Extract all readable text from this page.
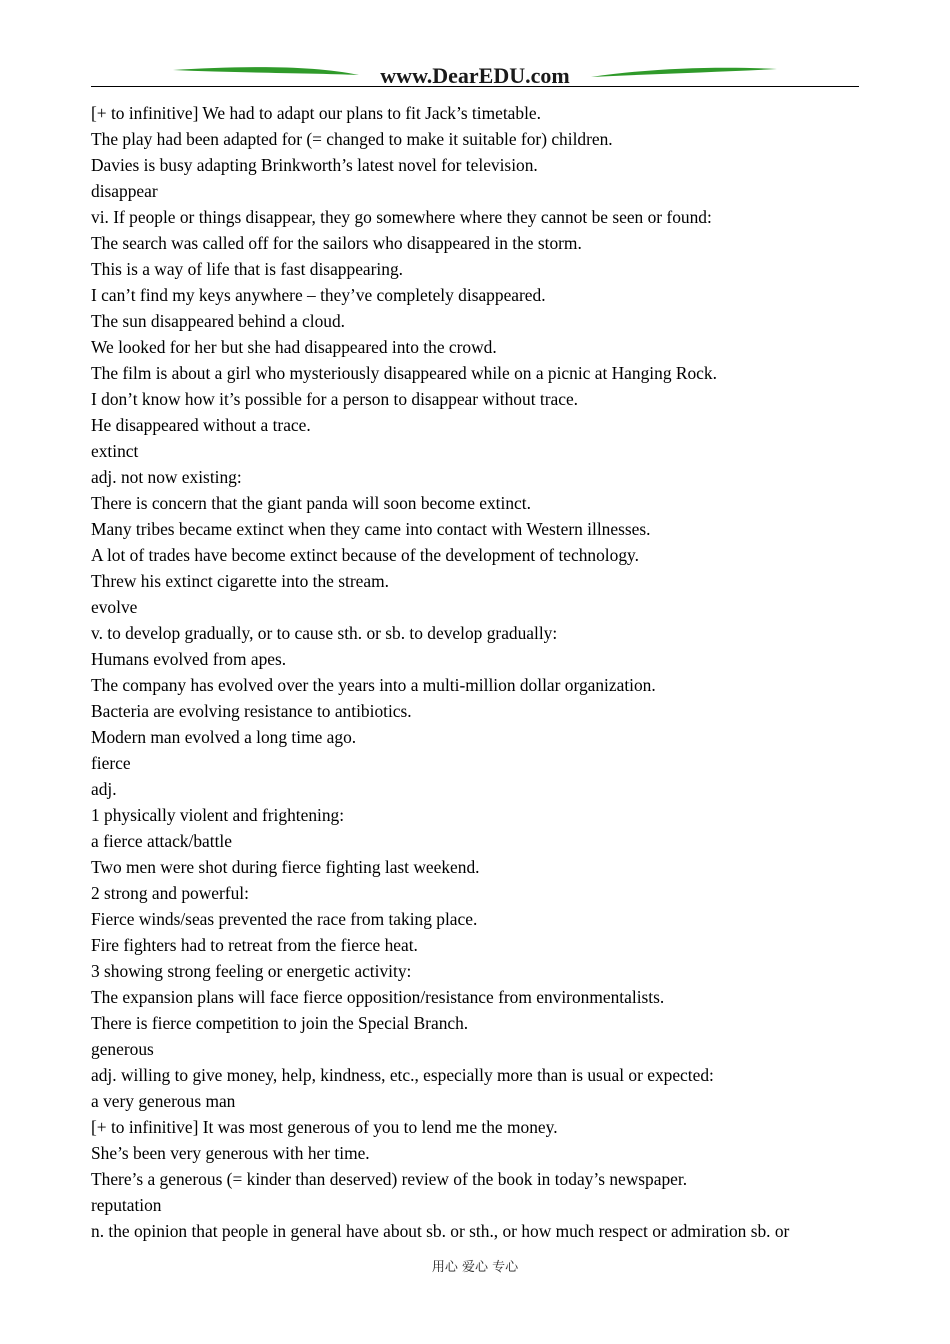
www.DearEDU.com
[+ to infinitive] We had to adapt our plans to fit Jack’s timetable.
The play had been adapted for (= changed to make it suitable for) children.
Davies is busy adapting Brinkworth’s latest novel for television.
disappear
vi. If people or things disappear, they go somewhere where they cannot be seen or found:
The search was called off for the sailors who disappeared in the storm.
This is a way of life that is fast disappearing.
I can’t find my keys anywhere – they’ve completely disappeared.
The sun disappeared behind a cloud.
We looked for her but she had disappeared into the crowd.
The film is about a girl who mysteriously disappeared while on a picnic at Hanging Rock.
I don’t know how it’s possible for a person to disappear without trace.
He disappeared without a trace.
extinct
adj. not now existing:
There is concern that the giant panda will soon become extinct.
Many tribes became extinct when they came into contact with Western illnesses.
A lot of trades have become extinct because of the development of technology.
Threw his extinct cigarette into the stream.
evolve
v. to develop gradually, or to cause sth. or sb. to develop gradually:
Humans evolved from apes.
The company has evolved over the years into a multi-million dollar organization.
Bacteria are evolving resistance to antibiotics.
Modern man evolved a long time ago.
fierce
adj.
1 physically violent and frightening:
a fierce attack/battle
Two men were shot during fierce fighting last weekend.
2 strong and powerful:
Fierce winds/seas prevented the race from taking place.
Fire fighters had to retreat from the fierce heat.
3 showing strong feeling or energetic activity:
The expansion plans will face fierce opposition/resistance from environmentalists.
There is fierce competition to join the Special Branch.
generous
adj. willing to give money, help, kindness, etc., especially more than is usual or expected:
a very generous man
[+ to infinitive] It was most generous of you to lend me the money.
She’s been very generous with her time.
There’s a generous (= kinder than deserved) review of the book in today’s newspaper.
reputation
n. the opinion that people in general have about sb. or sth., or how much respect or admiration sb. or
用心 爱心 专心
